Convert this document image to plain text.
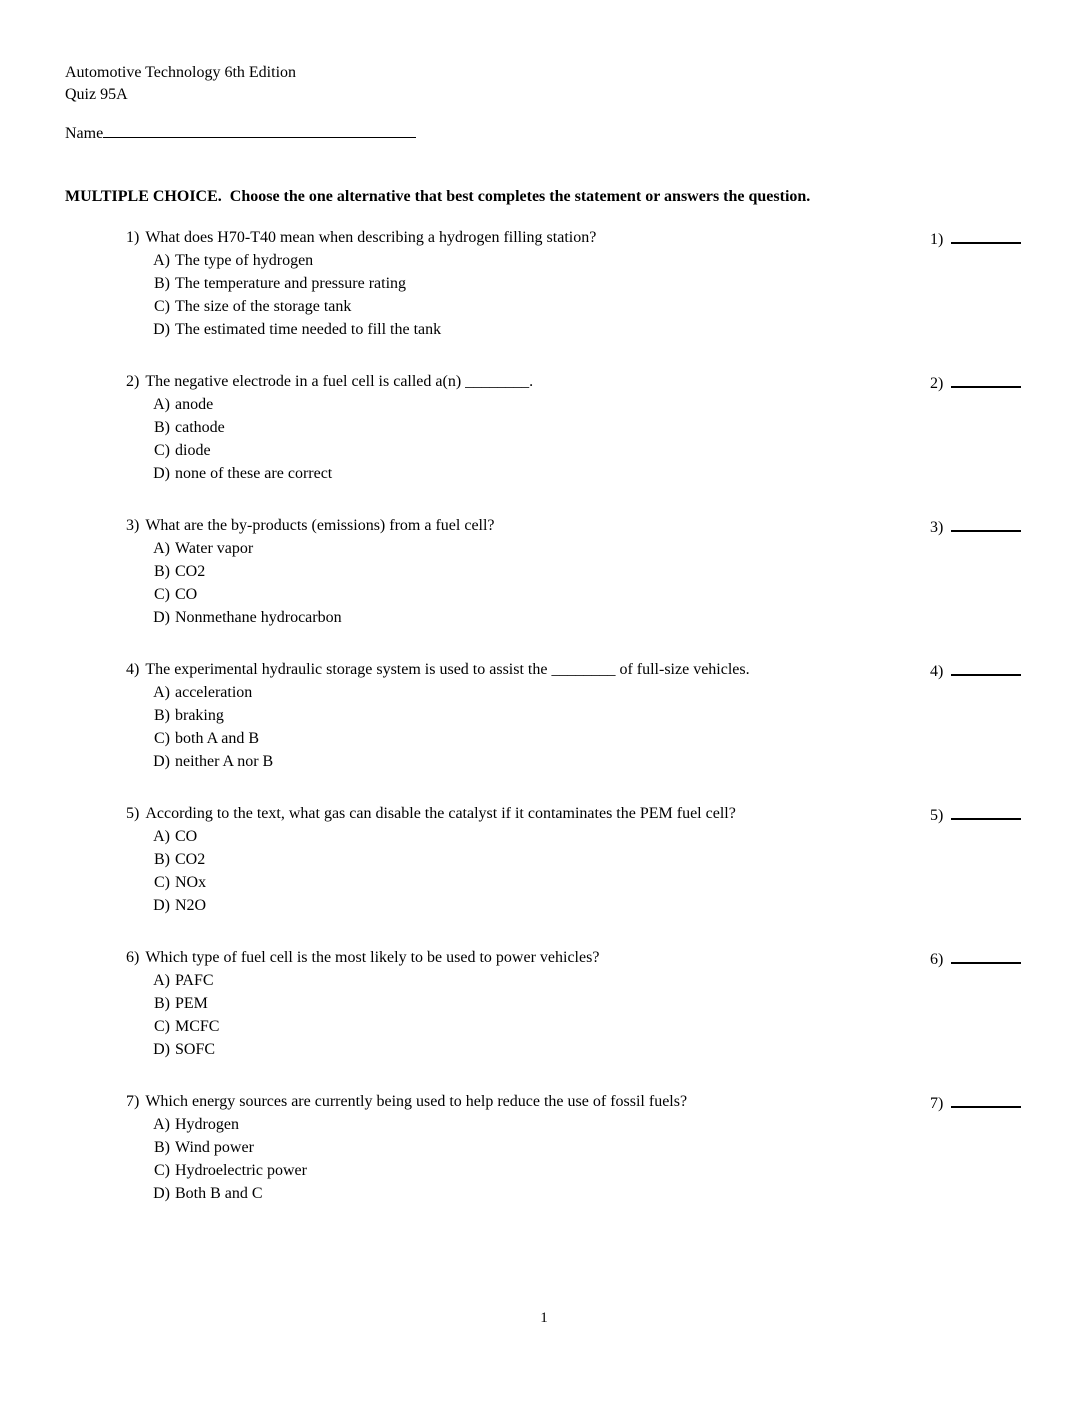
Automotive Technology 6th Edition
Quiz 95A
Name
MULTIPLE CHOICE.  Choose the one alternative that best completes the statement or answers the question.
1) What does H70-T40 mean when describing a hydrogen filling station?
A) The type of hydrogen
B) The temperature and pressure rating
C) The size of the storage tank
D) The estimated time needed to fill the tank
1)
2) The negative electrode in a fuel cell is called a(n) ________.
A) anode
B) cathode
C) diode
D) none of these are correct
2)
3) What are the by-products (emissions) from a fuel cell?
A) Water vapor
B) CO2
C) CO
D) Nonmethane hydrocarbon
3)
4) The experimental hydraulic storage system is used to assist the ________ of full-size vehicles.
A) acceleration
B) braking
C) both A and B
D) neither A nor B
4)
5) According to the text, what gas can disable the catalyst if it contaminates the PEM fuel cell?
A) CO
B) CO2
C) NOx
D) N2O
5)
6) Which type of fuel cell is the most likely to be used to power vehicles?
A) PAFC
B) PEM
C) MCFC
D) SOFC
6)
7) Which energy sources are currently being used to help reduce the use of fossil fuels?
A) Hydrogen
B) Wind power
C) Hydroelectric power
D) Both B and C
7)
1
